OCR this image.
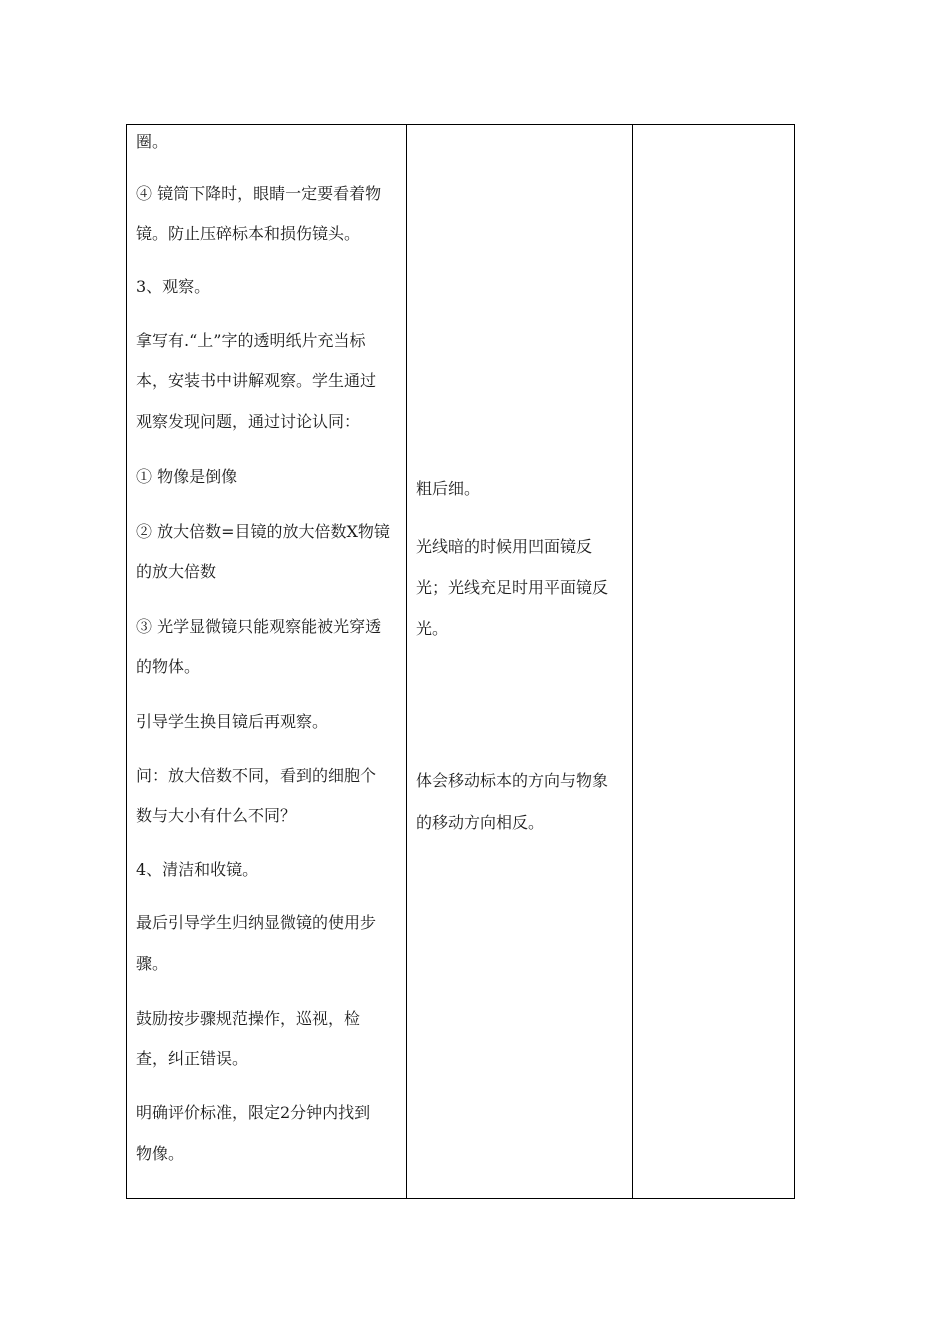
圈。

④ 镜筒下降时，眼睛一定要看着物

镜。防止压碎标本和损伤镜头。

3、观察。

拿写有.“上”字的透明纸片充当标

本，安装书中讲解观察。学生通过

观察发现问题，通过讨论认同：

① 物像是倒像

② 放大倍数=目镜的放大倍数X物镜

的放大倍数

③ 光学显微镜只能观察能被光穿透

的物体。

引导学生换目镜后再观察。

问：放大倍数不同，看到的细胞个

数与大小有什么不同？

4、清洁和收镜。

最后引导学生归纳显微镜的使用步

骤。

鼓励按步骤规范操作，巡视，检

查，纠正错误。

明确评价标准，限定2分钟内找到

物像。

粗后细。

光线暗的时候用凹面镜反

光；光线充足时用平面镜反

光。

体会移动标本的方向与物象

的移动方向相反。
